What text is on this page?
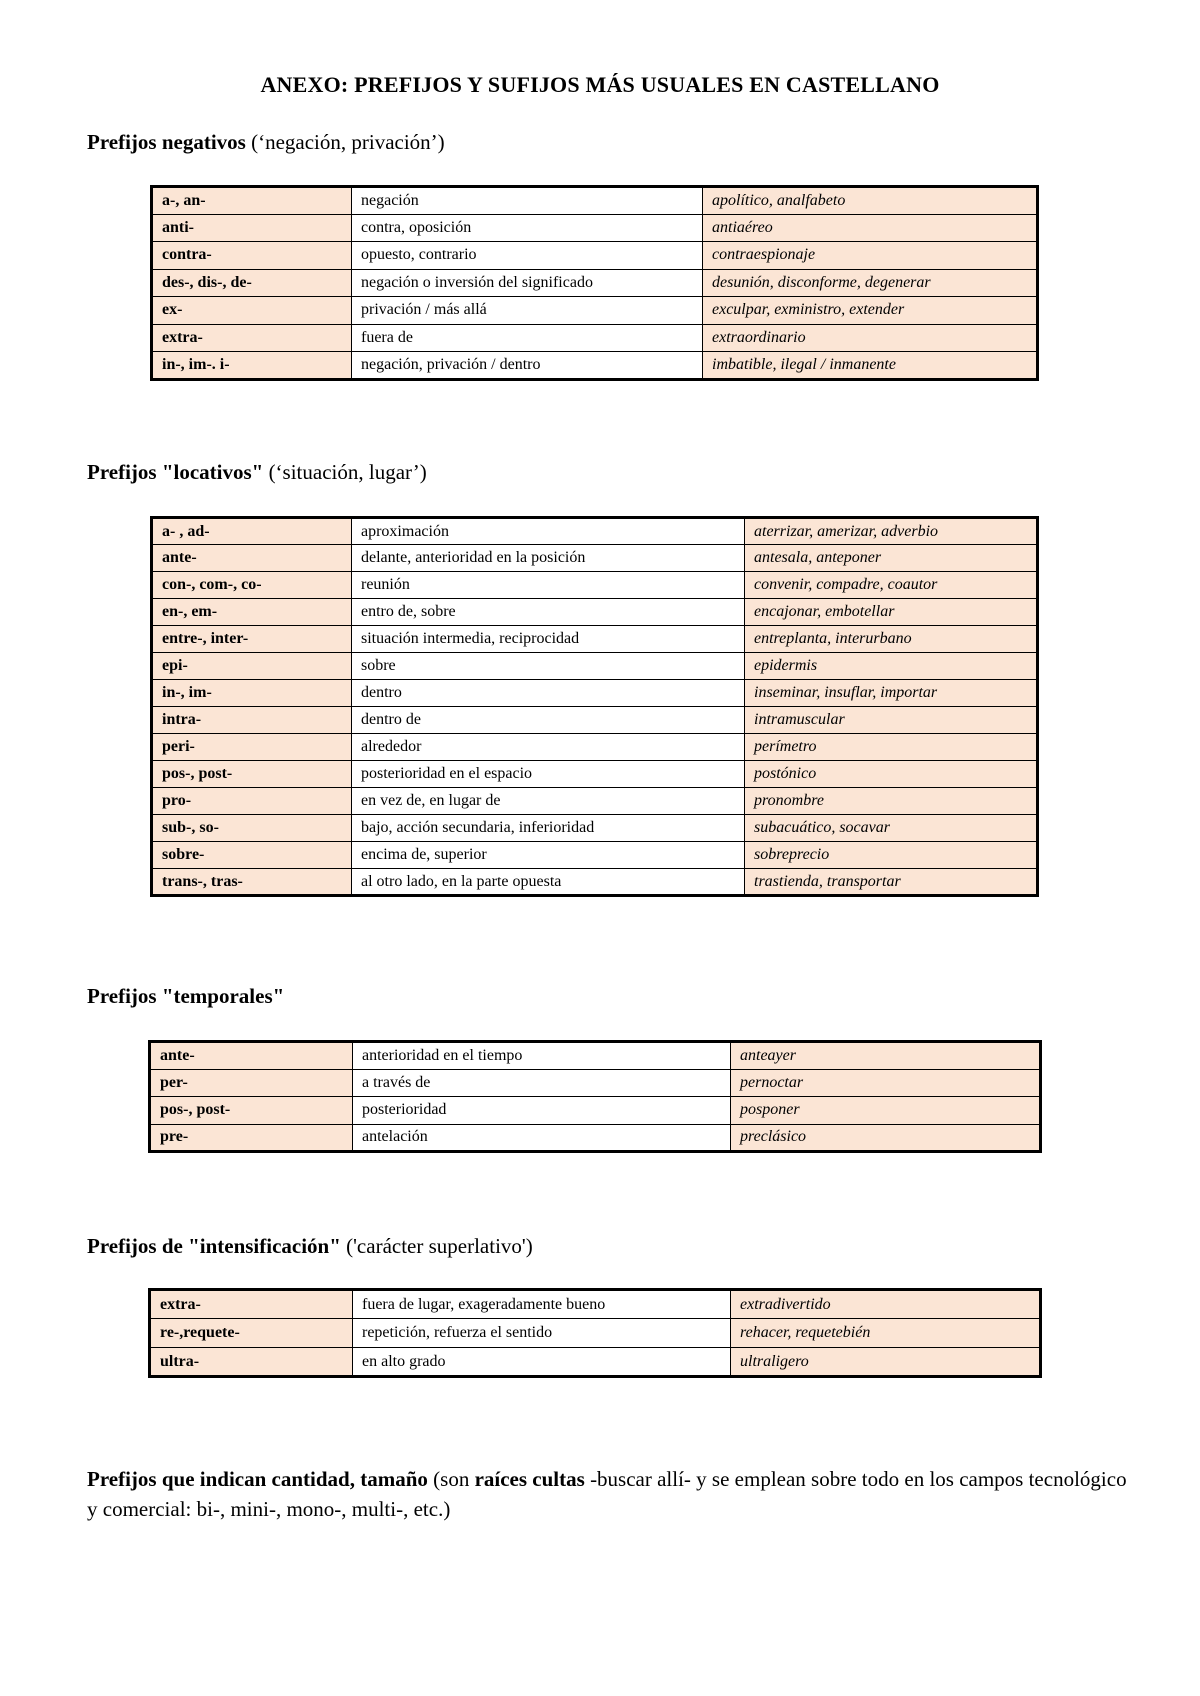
ANEXO: PREFIJOS Y SUFIJOS MÁS USUALES EN CASTELLANO
Prefijos negativos (‘negación, privación’)
a-, an-	negación	apolítico, analfabeto
anti-	contra, oposición	antiaéreo
contra-	opuesto, contrario	contraespionaje
des-, dis-, de-	negación o inversión del significado	desunión, disconforme, degenerar
ex-	privación / más allá	exculpar, exministro, extender
extra-	fuera de	extraordinario
in-, im-. i-	negación, privación / dentro	imbatible, ilegal / inmanente
Prefijos "locativos" (‘situación, lugar’)
a- , ad-	aproximación	aterrizar, amerizar, adverbio
ante-	delante, anterioridad en la posición	antesala, anteponer
con-, com-, co-	reunión	convenir, compadre, coautor
en-, em-	entro de, sobre	encajonar, embotellar
entre-, inter-	situación intermedia, reciprocidad	entreplanta, interurbano
epi-	sobre	epidermis
in-, im-	dentro	inseminar, insuflar, importar
intra-	dentro de	intramuscular
peri-	alrededor	perímetro
pos-, post-	posterioridad en el espacio	postónico
pro-	en vez de, en lugar de	pronombre
sub-, so-	bajo, acción secundaria, inferioridad	subacuático, socavar
sobre-	encima de, superior	sobreprecio
trans-, tras-	al otro lado, en la parte opuesta	trastienda, transportar
Prefijos "temporales"
ante-	anterioridad en el tiempo	anteayer
per-	a través de	pernoctar
pos-, post-	posterioridad	posponer
pre-	antelación	preclásico
Prefijos de "intensificación" ('carácter superlativo')
extra-	fuera de lugar, exageradamente bueno	extradivertido
re-,requete-	repetición, refuerza el sentido	rehacer, requetebién
ultra-	en alto grado	ultraligero
Prefijos que indican cantidad, tamaño (son raíces cultas -buscar allí- y se emplean sobre todo en los campos tecnológico y comercial: bi-, mini-, mono-, multi-, etc.)
